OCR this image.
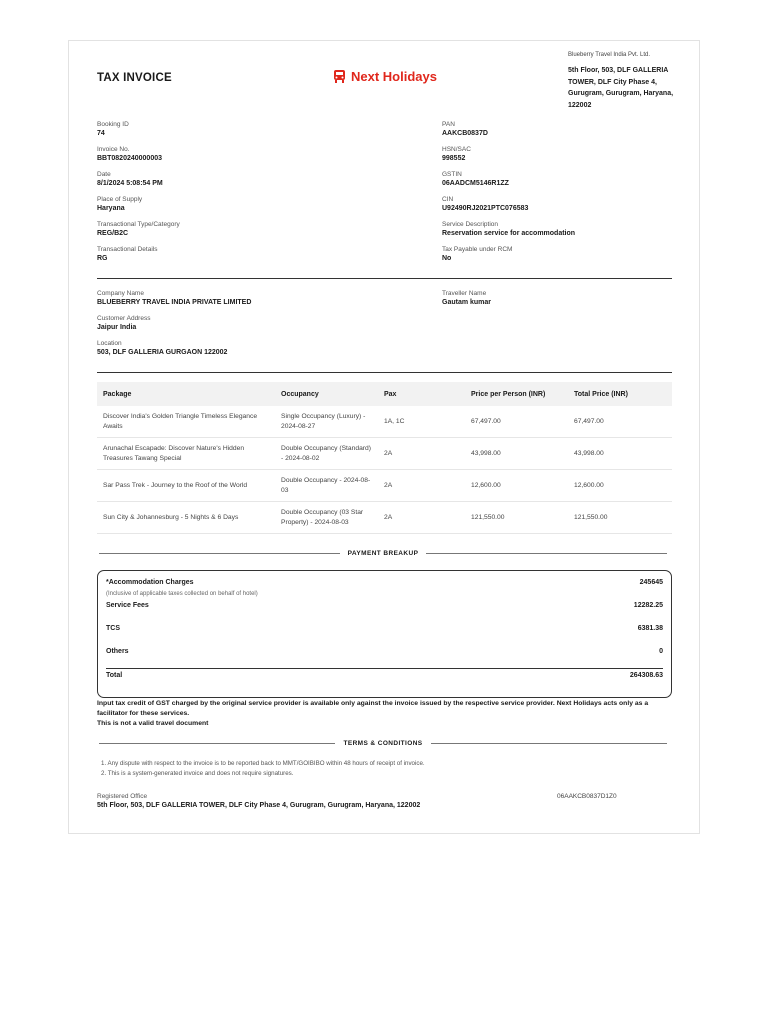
TAX INVOICE	Next Holidays
Blueberry Travel India Pvt. Ltd.
5th Floor, 503, DLF GALLERIA TOWER, DLF City Phase 4, Gurugram, Gurugram, Haryana, 122002
Booking ID
74
Invoice No.
BBT0820240000003
Date
8/1/2024 5:08:54 PM
Place of Supply
Haryana
Transactional Type/Category
REG/B2C
Transactional Details
RG
PAN
AAKCB0837D
HSN/SAC
998552
GSTIN
06AADCM5146R1ZZ
CIN
U92490RJ2021PTC076583
Service Description
Reservation service for accommodation
Tax Payable under RCM
No
Company Name
BLUEBERRY TRAVEL INDIA PRIVATE LIMITED
Customer Address
Jaipur India
Location
503, DLF GALLERIA GURGAON 122002
Traveller Name
Gautam kumar
Package	Occupancy	Pax	Price per Person (INR)	Total Price (INR)
Discover India's Golden Triangle Timeless Elegance Awaits	Single Occupancy (Luxury) - 2024-08-27	1A, 1C	67,497.00	67,497.00
Arunachal Escapade: Discover Nature's Hidden Treasures Tawang Special	Double Occupancy (Standard) - 2024-08-02	2A	43,998.00	43,998.00
Sar Pass Trek - Journey to the Roof of the World	Double Occupancy - 2024-08-03	2A	12,600.00	12,600.00
Sun City & Johannesburg - 5 Nights & 6 Days	Double Occupancy (03 Star Property) - 2024-08-03	2A	121,550.00	121,550.00
PAYMENT BREAKUP
*Accommodation Charges	245645
(Inclusive of applicable taxes collected on behalf of hotel)
Service Fees	12282.25
TCS	6381.38
Others	0
Total	264308.63
Input tax credit of GST charged by the original service provider is available only against the invoice issued by the respective service provider. Next Holidays acts only as a facilitator for these services.
This is not a valid travel document
TERMS & CONDITIONS
1. Any dispute with respect to the invoice is to be reported back to MMT/GOIBIBO within 48 hours of receipt of invoice.
2. This is a system-generated invoice and does not require signatures.
Registered Office
5th Floor, 503, DLF GALLERIA TOWER, DLF City Phase 4, Gurugram, Gurugram, Haryana, 122002
06AAKCB0837D1Z0
